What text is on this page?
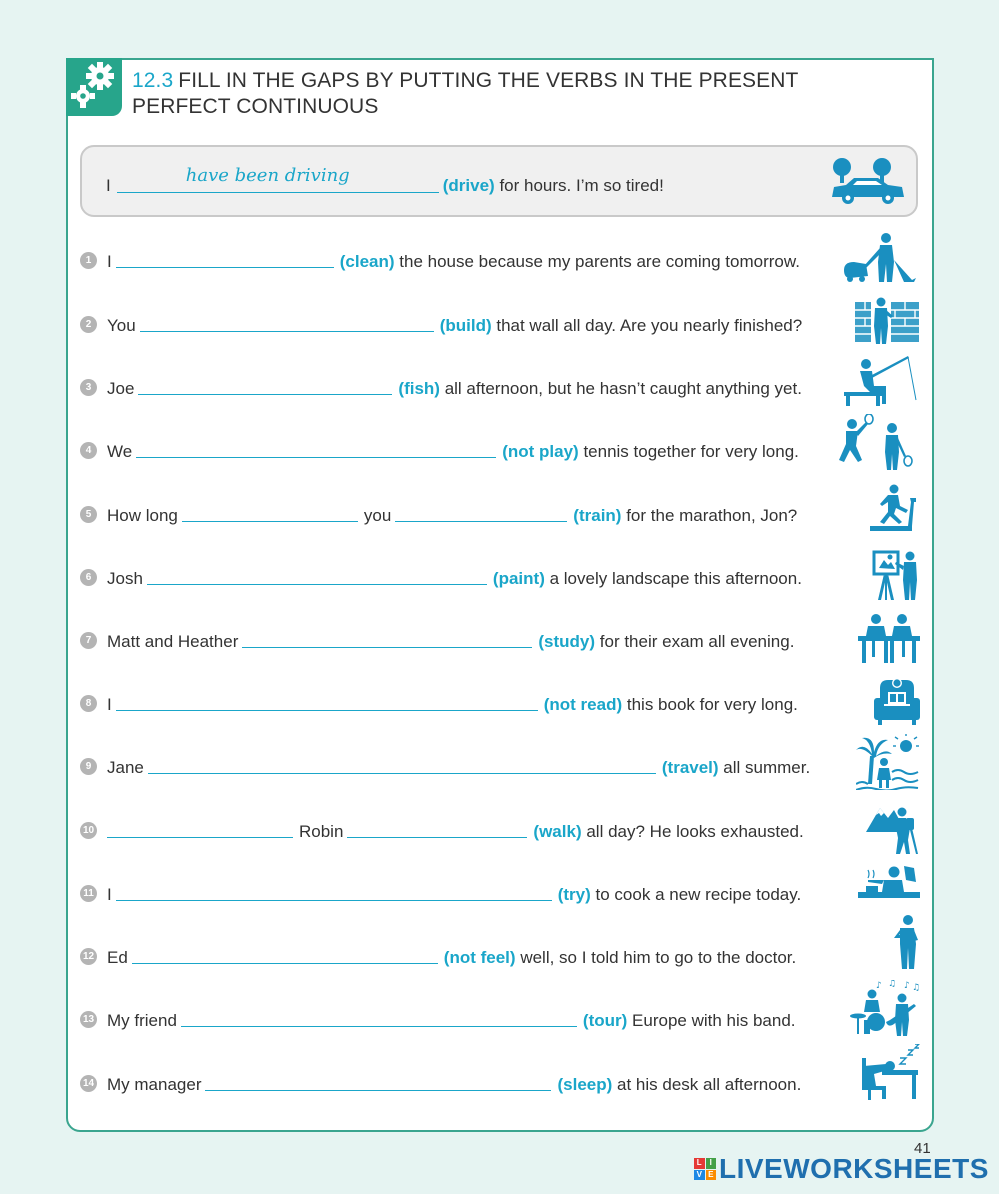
12.3 FILL IN THE GAPS BY PUTTING THE VERBS IN THE PRESENT
PERFECT CONTINUOUS
I	have been driving	(drive)
for hours. I’m so tired!
1 I	(clean)
the house because my parents are coming tomorrow.
2 You	(build)
that wall all day. Are you nearly finished?
3 Joe	(fish)
all afternoon, but he hasn’t caught anything yet.
4 We	(not play)
tennis together for very long.
5 How long	you	(train)
for the marathon, Jon?
6 Josh	(paint)
a lovely landscape this afternoon.
7 Matt and Heather	(study)
for their exam all evening.
8 I	(not read)
this book for very long.
9 Jane	(travel)
all summer.
10	Robin	(walk)
all day? He looks exhausted.
11 I	(try)
to cook a new recipe today.
12 Ed	(not feel)
well, so I told him to go to the doctor.
13 My friend	(tour)
Europe with his band.
14 My manager	(sleep)
at his desk all afternoon.
♪ ♫ ♪ ♫
41
L I
V E LIVEWORKSHEETS
